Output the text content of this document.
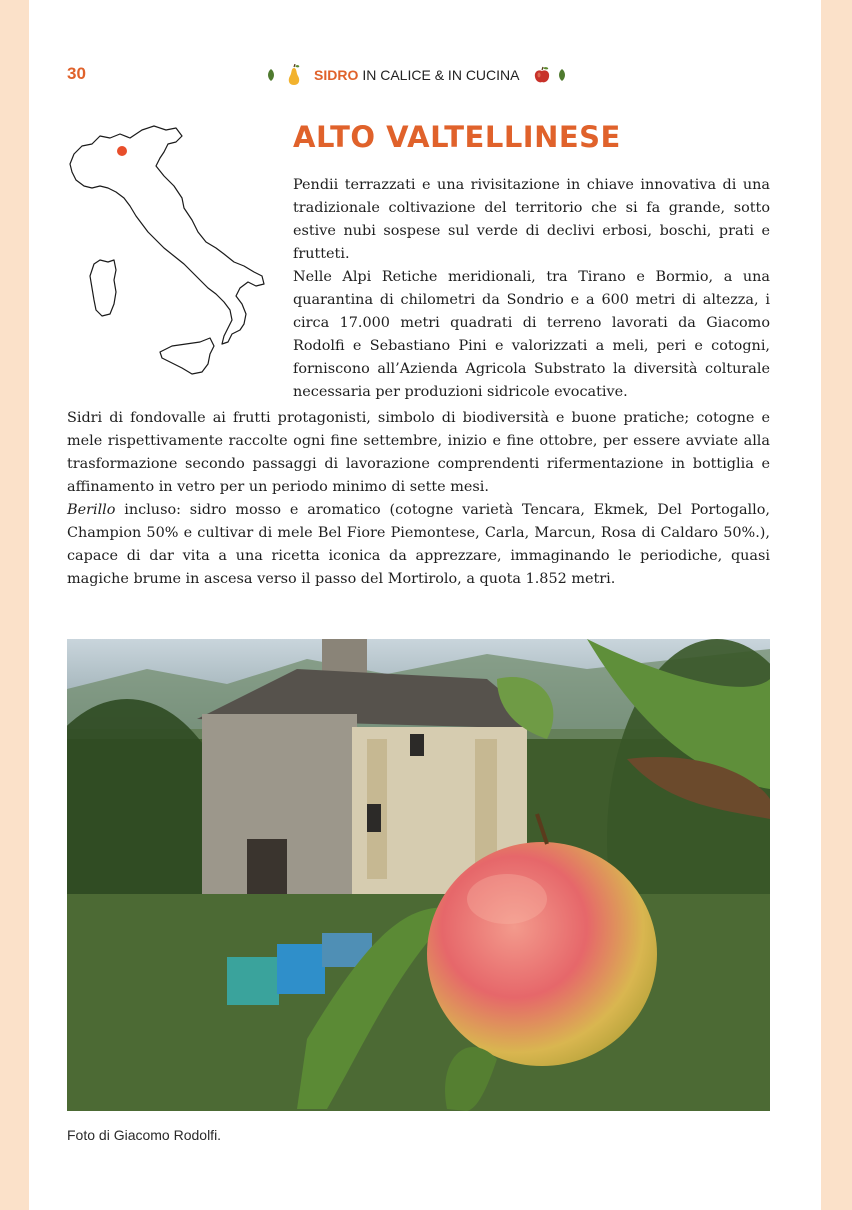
30	SIDRO IN CALICE & IN CUCINA
ALTO VALTELLINESE

Pendii terrazzati e una rivisitazione in chiave innovativa di una tradizionale coltivazione del territorio che si fa grande, sotto estive nubi sospese sul verde di declivi erbosi, boschi, prati e frutteti.

Nelle Alpi Retiche meridionali, tra Tirano e Bormio, a una quarantina di chilometri da Sondrio e a 600 metri di altezza, i circa 17.000 metri quadrati di terreno lavorati da Giacomo Rodolfi e Sebastiano Pini e valorizzati a meli, peri e cotogni, forniscono all’Azienda Agricola Substrato la diversità colturale necessaria per produzioni sidricole evocative.

Sidri di fondovalle ai frutti protagonisti, simbolo di biodiversità e buone pratiche; cotogne e mele rispettivamente raccolte ogni fine settembre, inizio e fine ottobre, per essere avviate alla trasformazione secondo passaggi di lavorazione comprendenti rifermentazione in bottiglia e affinamento in vetro per un periodo minimo di sette mesi.

Berillo incluso: sidro mosso e aromatico (cotogne varietà Tencara, Ekmek, Del Portogallo, Champion 50% e cultivar di mele Bel Fiore Piemontese, Carla, Marcun, Rosa di Caldaro 50%.), capace di dar vita a una ricetta iconica da apprezzare, immaginando le periodiche, quasi magiche brume in ascesa verso il passo del Mortirolo, a quota 1.852 metri.

Foto di Giacomo Rodolfi.
